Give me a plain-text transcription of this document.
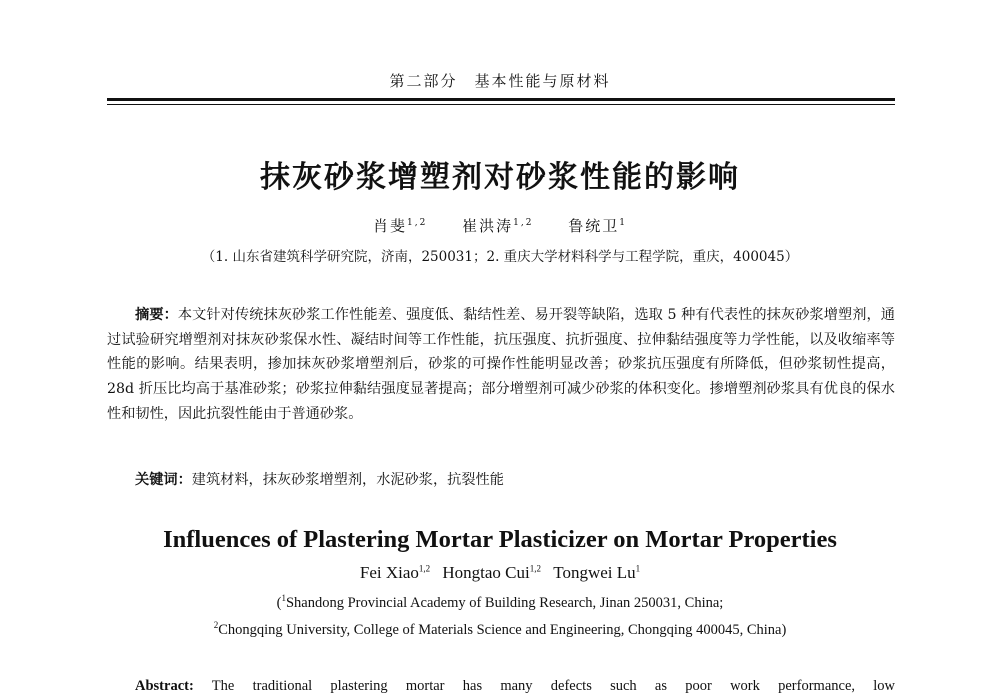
第二部分　基本性能与原材料
抹灰砂浆增塑剂对砂浆性能的影响
肖斐$^{1,2}$ 崔洪涛$^{1,2}$ 鲁统卫$^1$
（1. 山东省建筑科学研究院，济南，250031；2. 重庆大学材料科学与工程学院，重庆，400045）
摘要：本文针对传统抹灰砂浆工作性能差、强度低、黏结性差、易开裂等缺陷，选取 5 种有代表性的抹灰砂浆增塑剂，通过试验研究增塑剂对抹灰砂浆保水性、凝结时间等工作性能，抗压强度、抗折强度、拉伸黏结强度等力学性能，以及收缩率等性能的影响。结果表明，掺加抹灰砂浆增塑剂后，砂浆的可操作性能明显改善；砂浆抗压强度有所降低，但砂浆韧性提高，28d 折压比均高于基准砂浆；砂浆拉伸黏结强度显著提高；部分增塑剂可减少砂浆的体积变化。掺增塑剂砂浆具有优良的保水性和韧性，因此抗裂性能由于普通砂浆。
关键词：建筑材料，抹灰砂浆增塑剂，水泥砂浆，抗裂性能
Influences of Plastering Mortar Plasticizer on Mortar Properties
Fei Xiao$^{1,2}$ Hongtao Cui$^{1,2}$ Tongwei Lu$^1$
($^1$Shandong Provincial Academy of Building Research, Jinan 250031, China;
$^2$Chongqing University, College of Materials Science and Engineering, Chongqing 400045, China)
Abstract: The traditional plastering mortar has many defects such as poor work performance, low
